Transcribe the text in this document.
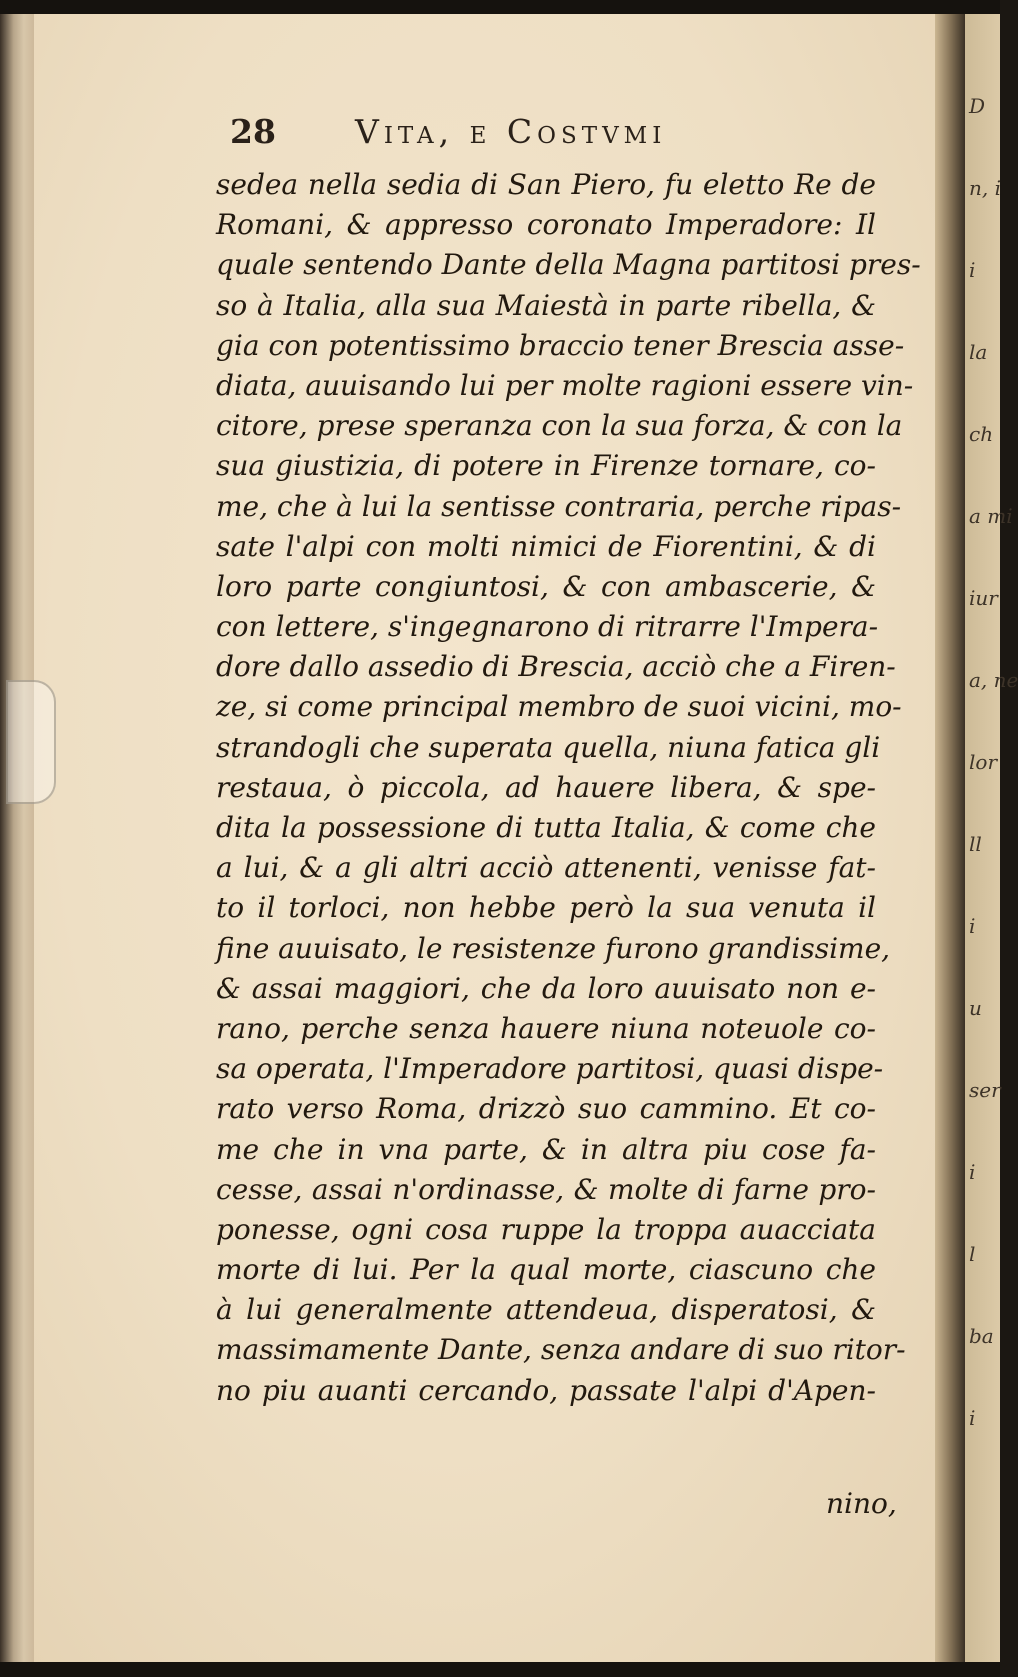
28 Vita, e Costvmi
sedea nella sedia di San Piero, fu eletto Re de
Romani, & appresso coronato Imperadore: Il
quale sentendo Dante della Magna partitosi pres-
so à Italia, alla sua Maiestà in parte ribella, &
gia con potentissimo braccio tener Brescia asse-
diata, auuisando lui per molte ragioni essere vin-
citore, prese speranza con la sua forza, & con la
sua giustizia, di potere in Firenze tornare, co-
me, che à lui la sentisse contraria, perche ripas-
sate l'alpi con molti nimici de Fiorentini, & di
loro parte congiuntosi, & con ambascerie, &
con lettere, s'ingegnarono di ritrarre l'Impera-
dore dallo assedio di Brescia, acciò che a Firen-
ze, si come principal membro de suoi vicini, mo-
strandogli che superata quella, niuna fatica gli
restaua, ò piccola, ad hauere libera, & spe-
dita la possessione di tutta Italia, & come che
a lui, & a gli altri acciò attenenti, venisse fat-
to il torloci, non hebbe però la sua venuta il
fine auuisato, le resistenze furono grandissime,
& assai maggiori, che da loro auuisato non e-
rano, perche senza hauere niuna noteuole co-
sa operata, l'Imperadore partitosi, quasi dispe-
rato verso Roma, drizzò suo cammino. Et co-
me che in vna parte, & in altra piu cose fa-
cesse, assai n'ordinasse, & molte di farne pro-
ponesse, ogni cosa ruppe la troppa auacciata
morte di lui. Per la qual morte, ciascuno che
à lui generalmente attendeua, disperatosi, &
massimamente Dante, senza andare di suo ritor-
no piu auanti cercando, passate l'alpi d'Apen-
nino,
D
n, i
i
la
ch
a mi
iur
a, ne
lor
ll
i
u
ser
i
l
ba
i
